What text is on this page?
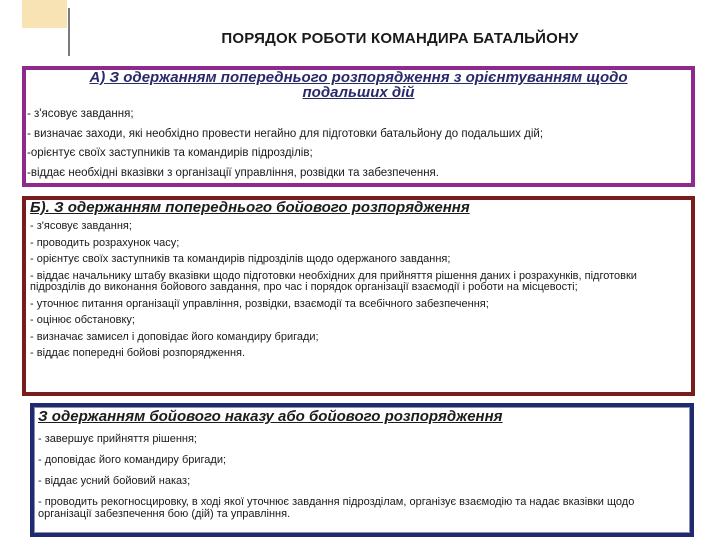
ПОРЯДОК РОБОТИ КОМАНДИРА БАТАЛЬЙОНУ

А) З одержанням попереднього розпорядження з орієнтуванням щодо
подальших дій

- з'ясовує завдання;
- визначає заходи, які необхідно провести негайно для підготовки батальйону до подальших дій;
-орієнтує своїх заступників та командирів підрозділів;
-віддає необхідні вказівки з організації управління, розвідки та забезпечення.

Б). З одержанням попереднього бойового розпорядження

- з'ясовує завдання;
- проводить розрахунок часу;
- орієнтує своїх заступників та командирів підрозділів щодо одержаного завдання;
- віддає начальнику штабу вказівки щодо підготовки необхідних для прийняття рішення даних і розрахунків, підготовки підрозділів до виконання бойового завдання, про час і порядок організації взаємодії і роботи на місцевості;
- уточнює питання організації управління, розвідки, взаємодії та всебічного забезпечення;
- оцінює обстановку;
- визначає замисел і доповідає його командиру бригади;
- віддає попередні бойові розпорядження.

З одержанням бойового наказу або бойового розпорядження

- завершує прийняття рішення;
- доповідає його командиру бригади;
- віддає усний бойовий наказ;
- проводить рекогносцировку, в ході якої уточнює завдання підрозділам, організує взаємодію та надає вказівки щодо організації забезпечення бою (дій) та управління.
